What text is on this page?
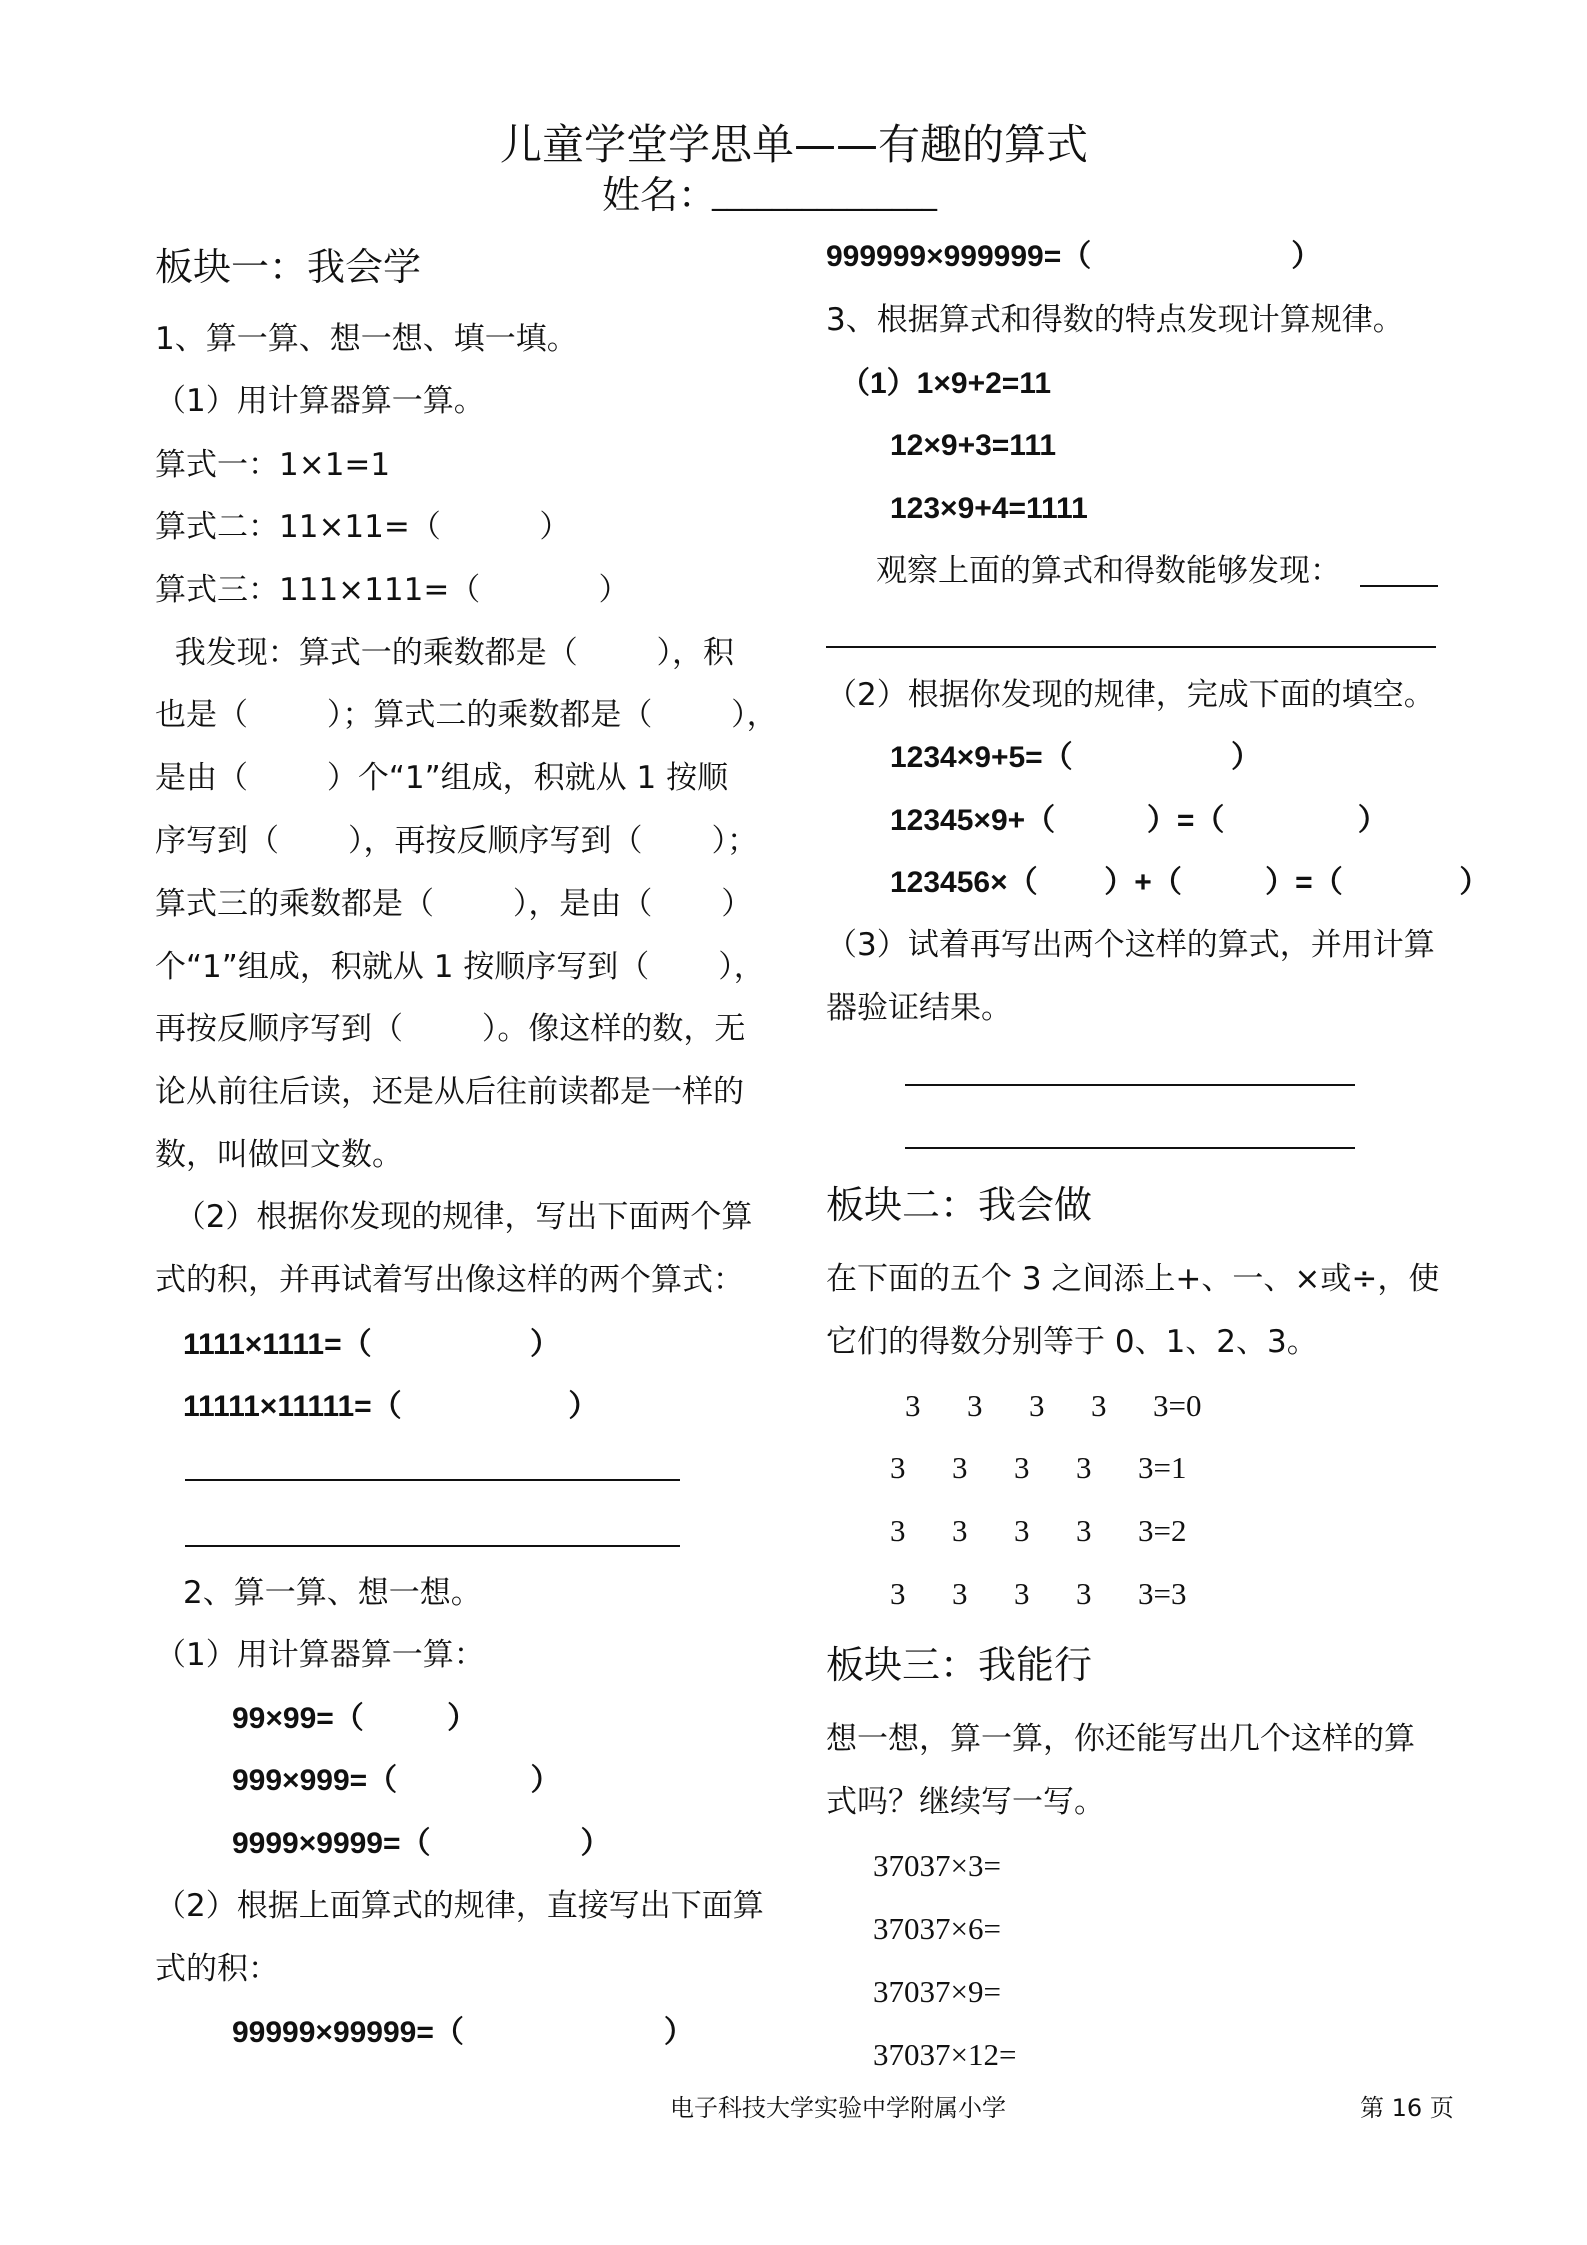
儿童学堂学思单——有趣的算式
姓名：
_______________
板块一：我会学
1、算一算、想一想、填一填。
（1）用计算器算一算。
算式一：1×1=1
算式二：11×11=（          ）
算式三：111×111=（            ）
我发现：算式一的乘数都是（        ），积
也是（        ）；算式二的乘数都是（        ），
是由（        ）个“1”组成，积就从 1 按顺
序写到（       ），再按反顺序写到（       ）；
算式三的乘数都是（        ），是由（       ）
个“1”组成，积就从 1 按顺序写到（       ），
再按反顺序写到（        ）。像这样的数，无
论从前往后读，还是从后往前读都是一样的
数，叫做回文数。
（2）根据你发现的规律，写出下面两个算
式的积，并再试着写出像这样的两个算式：
1111×1111=（                   ）
11111×11111=（                    ）
2、算一算、想一想。
（1）用计算器算一算：
99×99=（          ）
999×999=（                ）
9999×9999=（                  ）
（2）根据上面算式的规律，直接写出下面算
式的积：
99999×99999=（                        ）
999999×999999=（                        ）
3、根据算式和得数的特点发现计算规律。
（1）1×9+2=11
12×9+3=111
123×9+4=1111
观察上面的算式和得数能够发现：
（2）根据你发现的规律，完成下面的填空。
1234×9+5=（                   ）
12345×9+（           ）=（                ）
123456×（        ）+（          ）=（              ）
（3）试着再写出两个这样的算式，并用计算
器验证结果。
板块二：我会做
在下面的五个 3 之间添上+、一、×或÷，使
它们的得数分别等于 0、1、2、3。
3      3      3      3      3=0
3      3      3      3      3=1
3      3      3      3      3=2
3      3      3      3      3=3
板块三：我能行
想一想，算一算，你还能写出几个这样的算
式吗？继续写一写。
37037×3=
37037×6=
37037×9=
37037×12=
电子科技大学实验中学附属小学	第 16 页
